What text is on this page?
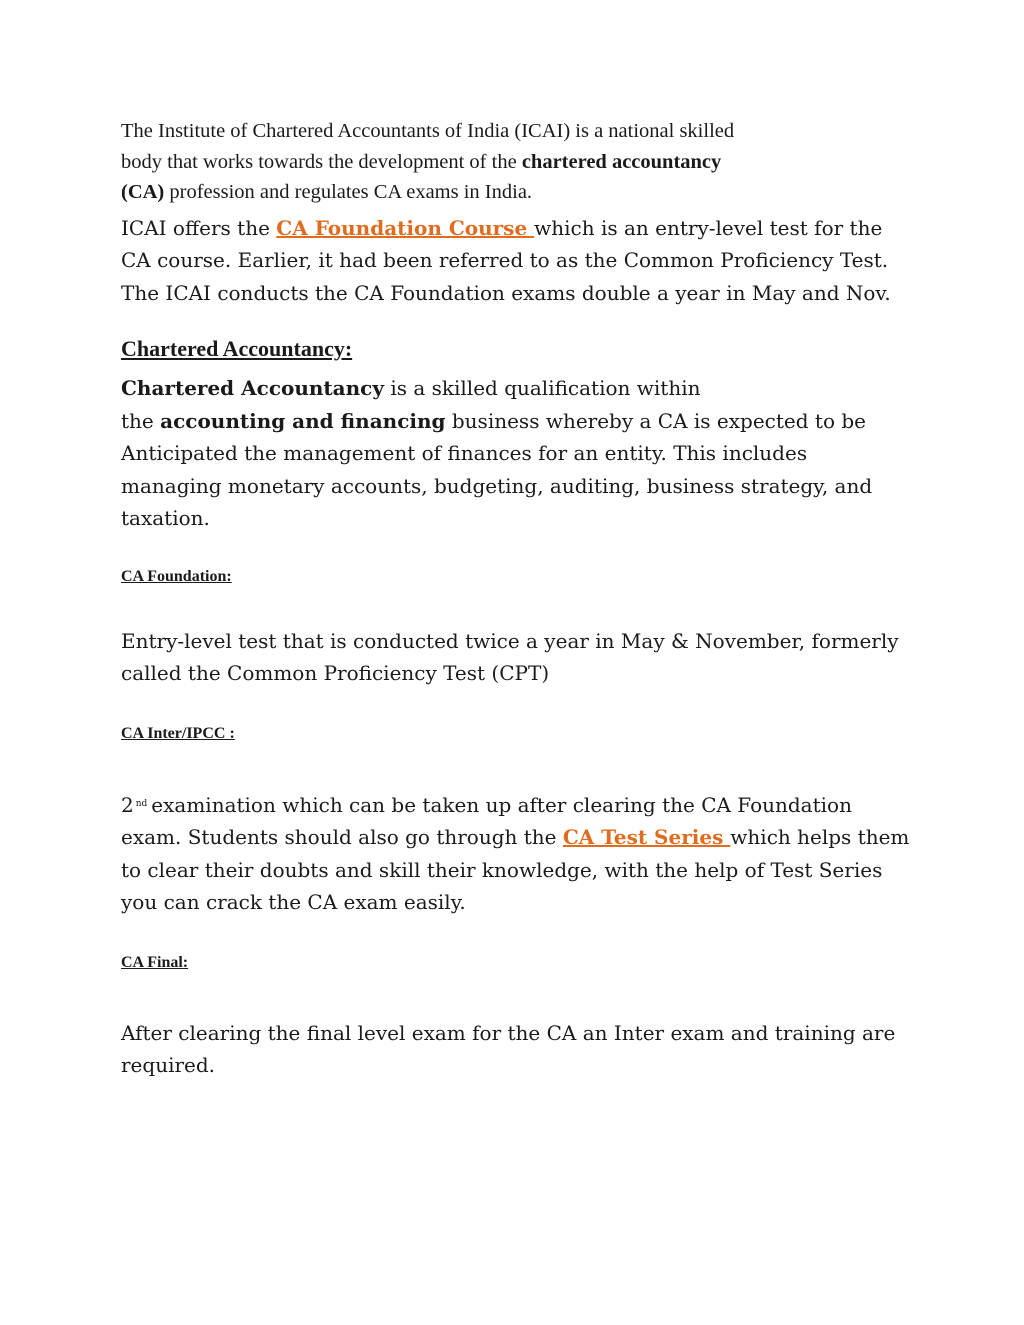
The Institute of Chartered Accountants of India (ICAI) is a national skilled
body that works towards the development of the chartered accountancy
(CA) profession and regulates CA exams in India.

ICAI offers the CA Foundation Course which is an entry-level test for the CA course. Earlier, it had been referred to as the Common Proficiency Test. The ICAI conducts the CA Foundation exams double a year in May and Nov.

Chartered Accountancy:

Chartered Accountancy is a skilled qualification within
the accounting and financing business whereby a CA is expected to be Anticipated the management of finances for an entity. This includes managing monetary accounts, budgeting, auditing, business strategy, and taxation.

CA Foundation:

Entry-level test that is conducted twice a year in May & November, formerly called the Common Proficiency Test (CPT)

CA Inter/IPCC :

2 $^{nd}$ examination which can be taken up after clearing the CA Foundation exam. Students should also go through the CA Test Series which helps them to clear their doubts and skill their knowledge, with the help of Test Series you can crack the CA exam easily.

CA Final:

After clearing the final level exam for the CA an Inter exam and training are required.
